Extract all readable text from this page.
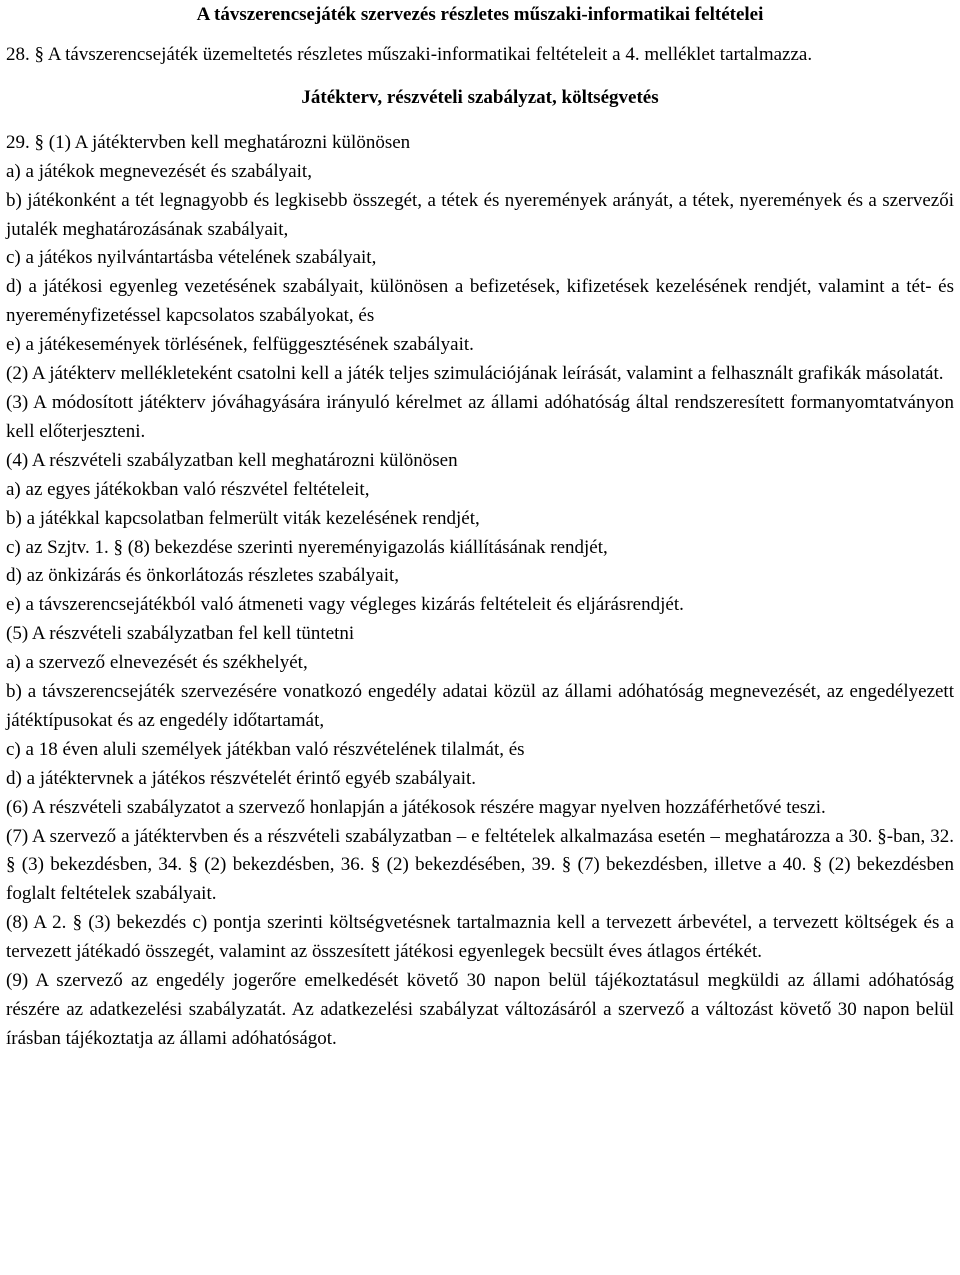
A távszerencsejáték szervezés részletes műszaki-informatikai feltételei

28. § A távszerencsejáték üzemeltetés részletes műszaki-informatikai feltételeit a 4. melléklet tartalmazza.

Játékterv, részvételi szabályzat, költségvetés

29. § (1) A játéktervben kell meghatározni különösen

a) a játékok megnevezését és szabályait,

b) játékonként a tét legnagyobb és legkisebb összegét, a tétek és nyeremények arányát, a tétek, nyeremények és a szervezői jutalék meghatározásának szabályait,

c) a játékos nyilvántartásba vételének szabályait,

d) a játékosi egyenleg vezetésének szabályait, különösen a befizetések, kifizetések kezelésének rendjét, valamint a tét- és nyereményfizetéssel kapcsolatos szabályokat, és

e) a játékesemények törlésének, felfüggesztésének szabályait.

(2) A játékterv mellékleteként csatolni kell a játék teljes szimulációjának leírását, valamint a felhasznált grafikák másolatát.

(3) A módosított játékterv jóváhagyására irányuló kérelmet az állami adóhatóság által rendszeresített formanyomtatványon kell előterjeszteni.

(4) A részvételi szabályzatban kell meghatározni különösen

a) az egyes játékokban való részvétel feltételeit,

b) a játékkal kapcsolatban felmerült viták kezelésének rendjét,

c) az Szjtv. 1. § (8) bekezdése szerinti nyereményigazolás kiállításának rendjét,

d) az önkizárás és önkorlátozás részletes szabályait,

e) a távszerencsejátékból való átmeneti vagy végleges kizárás feltételeit és eljárásrendjét.

(5) A részvételi szabályzatban fel kell tüntetni

a) a szervező elnevezését és székhelyét,

b) a távszerencsejáték szervezésére vonatkozó engedély adatai közül az állami adóhatóság megnevezését, az engedélyezett játéktípusokat és az engedély időtartamát,

c) a 18 éven aluli személyek játékban való részvételének tilalmát, és

d) a játéktervnek a játékos részvételét érintő egyéb szabályait.

(6) A részvételi szabályzatot a szervező honlapján a játékosok részére magyar nyelven hozzáférhetővé teszi.

(7) A szervező a játéktervben és a részvételi szabályzatban – e feltételek alkalmazása esetén – meghatározza a 30. §-ban, 32. § (3) bekezdésben, 34. § (2) bekezdésben, 36. § (2) bekezdésében, 39. § (7) bekezdésben, illetve a 40. § (2) bekezdésben foglalt feltételek szabályait.

(8) A 2. § (3) bekezdés c) pontja szerinti költségvetésnek tartalmaznia kell a tervezett árbevétel, a tervezett költségek és a tervezett játékadó összegét, valamint az összesített játékosi egyenlegek becsült éves átlagos értékét.

(9) A szervező az engedély jogerőre emelkedését követő 30 napon belül tájékoztatásul megküldi az állami adóhatóság részére az adatkezelési szabályzatát. Az adatkezelési szabályzat változásáról a szervező a változást követő 30 napon belül írásban tájékoztatja az állami adóhatóságot.
